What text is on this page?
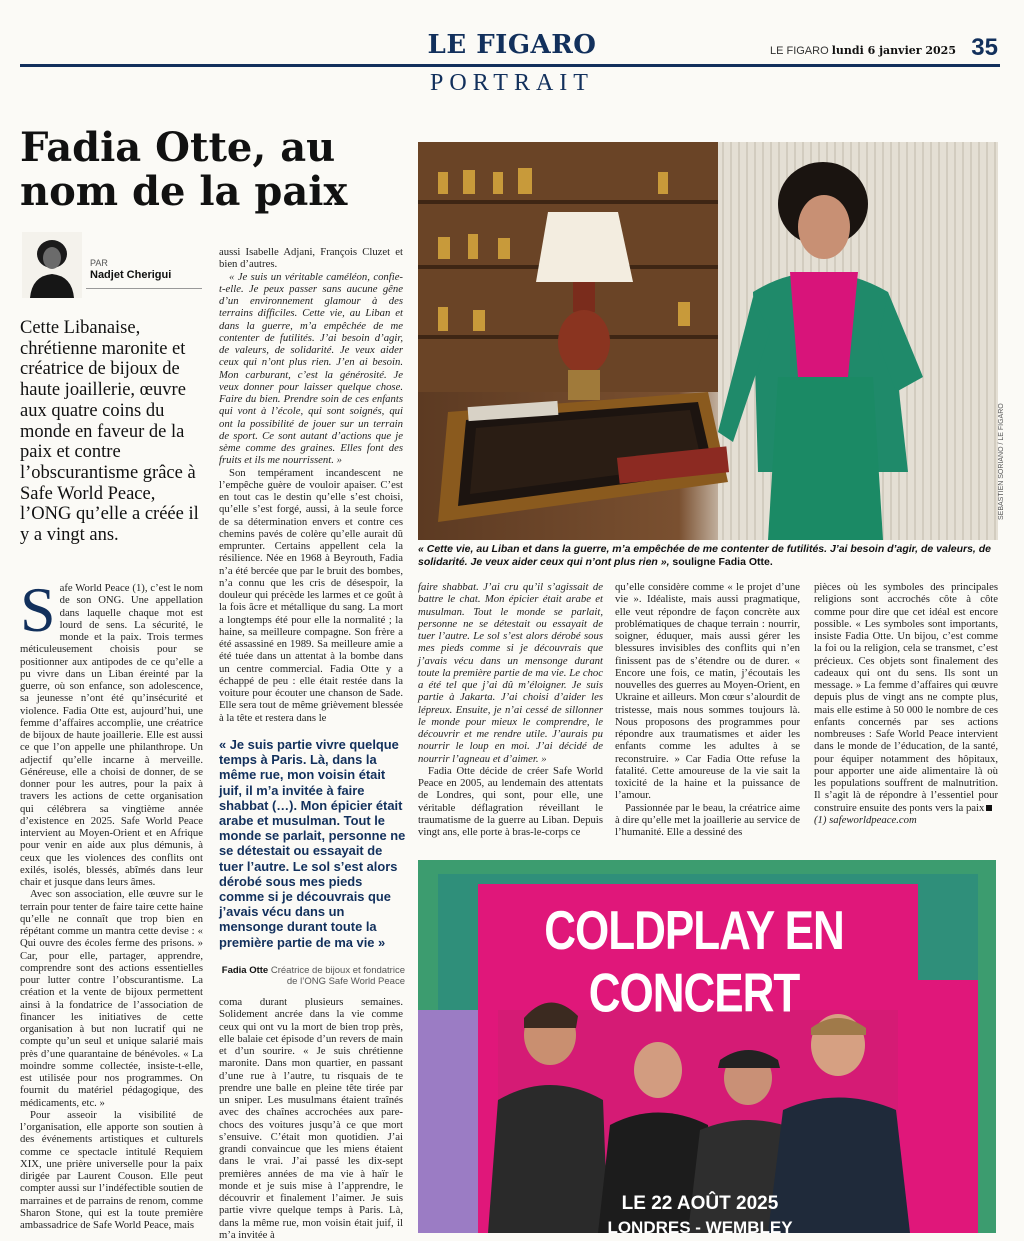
LE FIGARO	LE FIGARO lundi 6 janvier 2025 35
PORTRAIT
Fadia Otte, au nom de la paix
PAR
Nadjet Cherigui
Cette Libanaise, chrétienne maronite et créatrice de bijoux de haute joaillerie, œuvre aux quatre coins du monde en faveur de la paix et contre l’obscurantisme grâce à Safe World Peace, l’ONG qu’elle a créée il y a vingt ans.

Safe World Peace (1), c’est le nom de son ONG. Une appellation dans laquelle chaque mot est lourd de sens. La sécurité, le monde et la paix. Trois termes méticuleusement choisis pour se positionner aux antipodes de ce qu’elle a pu vivre dans un Liban éreinté par la guerre, où son enfance, son adolescence, sa jeunesse n’ont été qu’insécurité et violence. Fadia Otte est, aujourd’hui, une femme d’affaires accomplie, une créatrice de bijoux de haute joaillerie. Elle est aussi ce que l’on appelle une philanthrope. Un adjectif qu’elle incarne à merveille. Généreuse, elle a choisi de donner, de se donner pour les autres, pour la paix à travers les actions de cette organisation qui célébrera sa vingtième année d’existence en 2025. Safe World Peace intervient au Moyen-Orient et en Afrique pour venir en aide aux plus démunis, à ceux que les violences des conflits ont exilés, isolés, blessés, abîmés dans leur chair et jusque dans leurs âmes.

Avec son association, elle œuvre sur le terrain pour tenter de faire taire cette haine qu’elle ne connaît que trop bien en répétant comme un mantra cette devise : « Qui ouvre des écoles ferme des prisons. » Car, pour elle, partager, apprendre, comprendre sont des actions essentielles pour lutter contre l’obscurantisme. La création et la vente de bijoux permettent ainsi à la fondatrice de l’association de financer les initiatives de cette organisation à but non lucratif qui ne compte qu’un seul et unique salarié mais près d’une quarantaine de bénévoles. « La moindre somme collectée, insiste-t-elle, est utilisée pour nos programmes. On fournit du matériel pédagogique, des médicaments, etc. »

Pour asseoir la visibilité de l’organisation, elle apporte son soutien à des événements artistiques et culturels comme ce spectacle intitulé Requiem XIX, une prière universelle pour la paix dirigée par Laurent Couson. Elle peut compter aussi sur l’indéfectible soutien de marraines et de parrains de renom, comme Sharon Stone, qui est la toute première ambassadrice de Safe World Peace, mais

aussi Isabelle Adjani, François Cluzet et bien d’autres.

« Je suis un véritable caméléon, confie-t-elle. Je peux passer sans aucune gêne d’un environnement glamour à des terrains difficiles. Cette vie, au Liban et dans la guerre, m’a empêchée de me contenter de futilités. J’ai besoin d’agir, de valeurs, de solidarité. Je veux aider ceux qui n’ont plus rien. J’en ai besoin. Mon carburant, c’est la générosité. Je veux donner pour laisser quelque chose. Faire du bien. Prendre soin de ces enfants qui vont à l’école, qui sont soignés, qui ont la possibilité de jouer sur un terrain de sport. Ce sont autant d’actions que je sème comme des graines. Elles font des fruits et ils me nourrissent. »

Son tempérament incandescent ne l’empêche guère de vouloir apaiser. C’est en tout cas le destin qu’elle s’est choisi, qu’elle s’est forgé, aussi, à la seule force de sa détermination envers et contre ces chemins pavés de colère qu’elle aurait dû emprunter. Certains appellent cela la résilience. Née en 1968 à Beyrouth, Fadia n’a été bercée que par le bruit des bombes, n’a connu que les cris de désespoir, la douleur qui précède les larmes et ce goût à la fois âcre et métallique du sang. La mort a longtemps été pour elle la normalité ; la haine, sa meilleure compagne. Son frère a été assassiné en 1989. Sa meilleure amie a été tuée dans un attentat à la bombe dans un centre commercial. Fadia Otte y a échappé de peu : elle était restée dans la voiture pour écouter une chanson de Sade. Elle sera tout de même grièvement blessée à la tête et restera dans le

« Je suis partie vivre quelque temps à Paris. Là, dans la même rue, mon voisin était juif, il m’a invitée à faire shabbat (…). Mon épicier était arabe et musulman. Tout le monde se parlait, personne ne se détestait ou essayait de tuer l’autre. Le sol s’est alors dérobé sous mes pieds comme si je découvrais que j’avais vécu dans un mensonge durant toute la première partie de ma vie »
Fadia Otte Créatrice de bijoux et fondatrice de l’ONG Safe World Peace

coma durant plusieurs semaines. Solidement ancrée dans la vie comme ceux qui ont vu la mort de bien trop près, elle balaie cet épisode d’un revers de main et d’un sourire. « Je suis chrétienne maronite. Dans mon quartier, en passant d’une rue à l’autre, tu risquais de te prendre une balle en pleine tête tirée par un sniper. Les musulmans étaient traînés avec des chaînes accrochées aux pare-chocs des voitures jusqu’à ce que mort s’ensuive. C’était mon quotidien. J’ai grandi convaincue que les miens étaient dans le vrai. J’ai passé les dix-sept premières années de ma vie à haïr le monde et je suis mise à l’apprendre, le découvrir et finalement l’aimer. Je suis partie vivre quelque temps à Paris. Là, dans la même rue, mon voisin était juif, il m’a invitée à

SEBASTIEN SORIANO / LE FIGARO
« Cette vie, au Liban et dans la guerre, m’a empêchée de me contenter de futilités. J’ai besoin d’agir, de valeurs, de solidarité. Je veux aider ceux qui n’ont plus rien », souligne Fadia Otte.

faire shabbat. J’ai cru qu’il s’agissait de battre le chat. Mon épicier était arabe et musulman. Tout le monde se parlait, personne ne se détestait ou essayait de tuer l’autre. Le sol s’est alors dérobé sous mes pieds comme si je découvrais que j’avais vécu dans un mensonge durant toute la première partie de ma vie. Le choc a été tel que j’ai dû m’éloigner. Je suis partie à Jakarta. J’ai choisi d’aider les lépreux. Ensuite, je n’ai cessé de sillonner le monde pour mieux le comprendre, le découvrir et me rendre utile. J’aurais pu nourrir le loup en moi. J’ai décidé de nourrir l’agneau et d’aimer. »

Fadia Otte décide de créer Safe World Peace en 2005, au lendemain des attentats de Londres, qui sont, pour elle, une véritable déflagration réveillant le traumatisme de la guerre au Liban. Depuis vingt ans, elle porte à bras-le-corps ce

qu’elle considère comme « le projet d’une vie ». Idéaliste, mais aussi pragmatique, elle veut répondre de façon concrète aux problématiques de chaque terrain : nourrir, soigner, éduquer, mais aussi gérer les blessures invisibles des conflits qui n’en finissent pas de s’étendre ou de durer. « Encore une fois, ce matin, j’écoutais les nouvelles des guerres au Moyen-Orient, en Ukraine et ailleurs. Mon cœur s’alourdit de tristesse, mais nous sommes toujours là. Nous proposons des programmes pour répondre aux traumatismes et aider les enfants comme les adultes à se reconstruire. » Car Fadia Otte refuse la fatalité. Cette amoureuse de la vie sait la toxicité de la haine et la puissance de l’amour.

Passionnée par le beau, la créatrice aime à dire qu’elle met la joaillerie au service de l’humanité. Elle a dessiné des

pièces où les symboles des principales religions sont accrochés côte à côte comme pour dire que cet idéal est encore possible. « Les symboles sont importants, insiste Fadia Otte. Un bijou, c’est comme la foi ou la religion, cela se transmet, c’est précieux. Ces objets sont finalement des cadeaux qui ont du sens. Ils sont un message. » La femme d’affaires qui œuvre depuis plus de vingt ans ne compte plus, mais elle estime à 50 000 le nombre de ces enfants concernés par ses actions nombreuses : Safe World Peace intervient dans le monde de l’éducation, de la santé, pour équiper notamment des hôpitaux, pour apporter une aide alimentaire là où les populations souffrent de malnutrition. Il s’agit là de répondre à l’essentiel pour construire ensuite des ponts vers la paix

(1) safeworldpeace.com

COLDPLAY EN CONCERT
LE 22 AOÛT 2025
LONDRES - WEMBLEY
